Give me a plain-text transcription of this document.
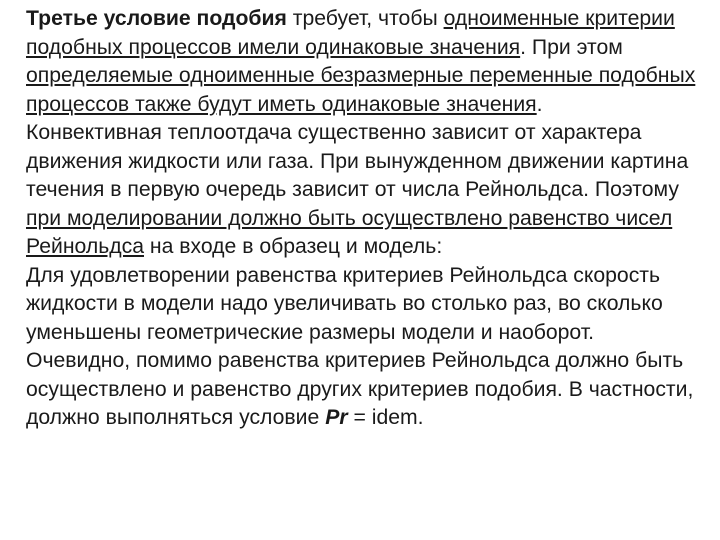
Третье условие подобия требует, чтобы одноименные критерии подобных процессов имели одинаковые значения. При этом определяемые одноименные безразмерные переменные подобных процессов также будут иметь одинаковые значения.

Конвективная теплоотдача существенно зависит от характера движения жидкости или газа. При вынужденном движении картина течения в первую очередь зависит от числа Рейнольдса. Поэтому при моделировании должно быть осуществлено равенство чисел Рейнольдса на входе в образец и модель:

Для удовлетворении равенства критериев Рейнольдса скорость жидкости в модели надо увеличивать во столько раз, во сколько уменьшены геометрические размеры модели и наоборот. Очевидно, помимо равенства критериев Рейнольдса должно быть осуществлено и равенство других критериев подобия. В частности, должно выполняться условие Pr = idem.
